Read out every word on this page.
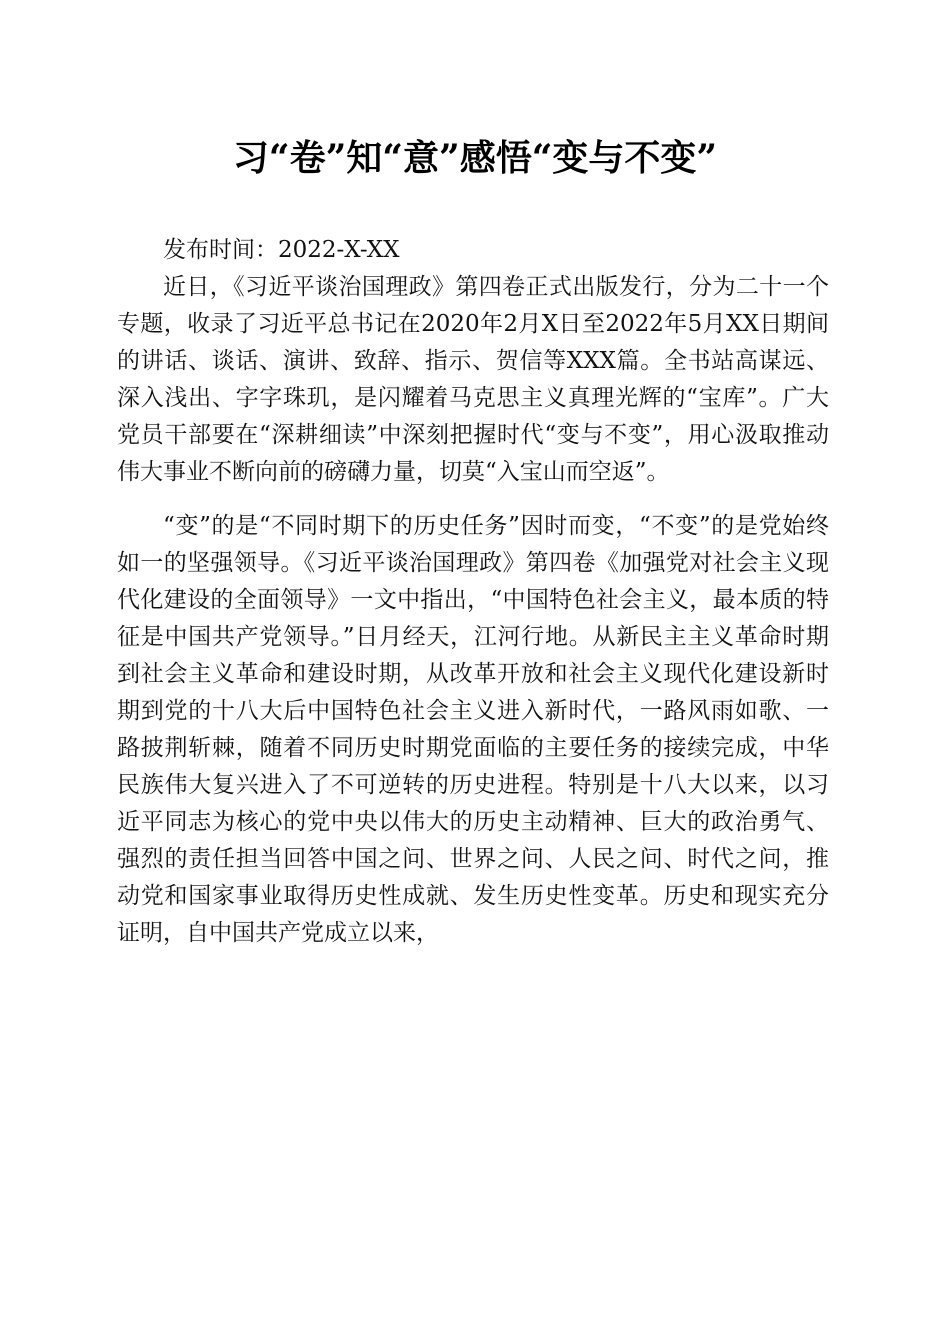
习“卷”知“意”感悟“变与不变”

发布时间：2022-X-XX

近日，《习近平谈治国理政》第四卷正式出版发行，分为二十一个专题，收录了习近平总书记在2020年2月X日至2022年5月XX日期间的讲话、谈话、演讲、致辞、指示、贺信等XXX篇。全书站高谋远、深入浅出、字字珠玑，是闪耀着马克思主义真理光辉的“宝库”。广大党员干部要在“深耕细读”中深刻把握时代“变与不变”，用心汲取推动伟大事业不断向前的磅礴力量，切莫“入宝山而空返”。

“变”的是“不同时期下的历史任务”因时而变，“不变”的是党始终如一的坚强领导。《习近平谈治国理政》第四卷《加强党对社会主义现代化建设的全面领导》一文中指出，“中国特色社会主义，最本质的特征是中国共产党领导。”日月经天，江河行地。从新民主主义革命时期到社会主义革命和建设时期，从改革开放和社会主义现代化建设新时期到党的十八大后中国特色社会主义进入新时代，一路风雨如歌、一路披荆斩棘，随着不同历史时期党面临的主要任务的接续完成，中华民族伟大复兴进入了不可逆转的历史进程。特别是十八大以来，以习近平同志为核心的党中央以伟大的历史主动精神、巨大的政治勇气、强烈的责任担当回答中国之问、世界之问、人民之问、时代之问，推动党和国家事业取得历史性成就、发生历史性变革。历史和现实充分证明，自中国共产党成立以来，
